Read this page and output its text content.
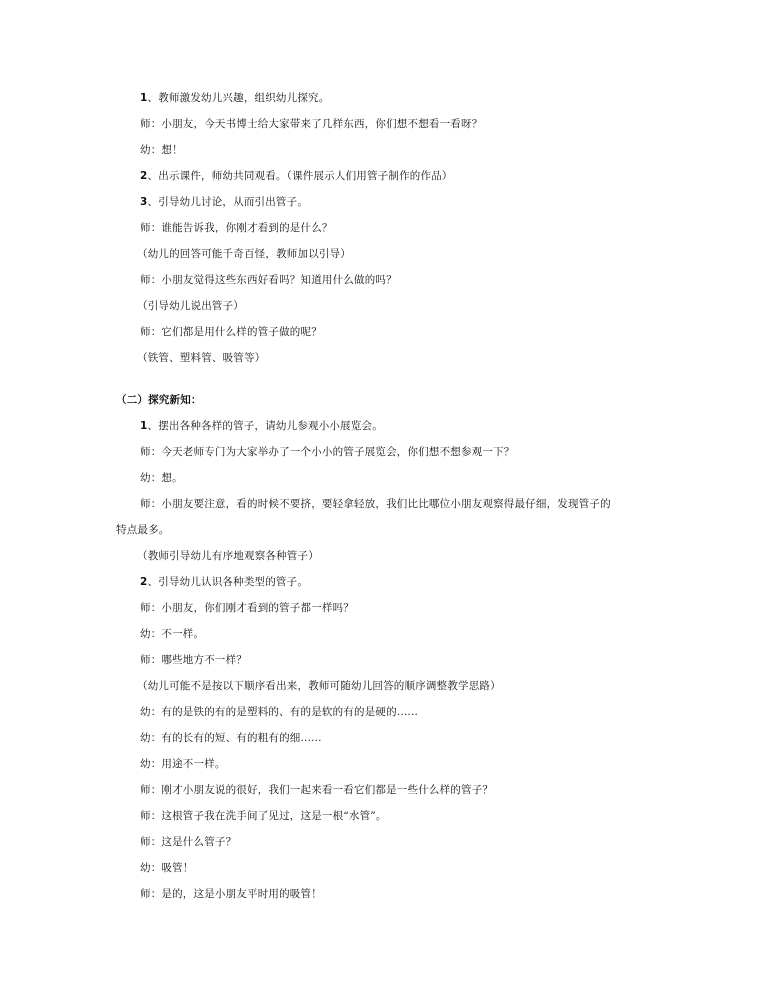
1、教师激发幼儿兴趣，组织幼儿探究。
师：小朋友，今天书博士给大家带来了几样东西，你们想不想看一看呀？
幼：想！
2、出示课件，师幼共同观看。（课件展示人们用管子制作的作品）
3、引导幼儿讨论，从而引出管子。
师：谁能告诉我，你刚才看到的是什么？
（幼儿的回答可能千奇百怪，教师加以引导）
师：小朋友觉得这些东西好看吗？知道用什么做的吗？
（引导幼儿说出管子）
师：它们都是用什么样的管子做的呢？
（铁管、塑料管、吸管等）
（二）探究新知：
1、摆出各种各样的管子，请幼儿参观小小展览会。
师：今天老师专门为大家举办了一个小小的管子展览会，你们想不想参观一下？
幼：想。
师：小朋友要注意，看的时候不要挤，要轻拿轻放，我们比比哪位小朋友观察得最仔细，发现管子的
特点最多。
（教师引导幼儿有序地观察各种管子）
2、引导幼儿认识各种类型的管子。
师：小朋友，你们刚才看到的管子都一样吗？
幼：不一样。
师：哪些地方不一样？
（幼儿可能不是按以下顺序看出来，教师可随幼儿回答的顺序调整教学思路）
幼：有的是铁的有的是塑料的、有的是软的有的是硬的......
幼：有的长有的短、有的粗有的细......
幼：用途不一样。
师：刚才小朋友说的很好，我们一起来看一看它们都是一些什么样的管子？
师：这根管子我在洗手间了见过，这是一根“水管”。
师：这是什么管子？
幼：吸管！
师：是的，这是小朋友平时用的吸管！
